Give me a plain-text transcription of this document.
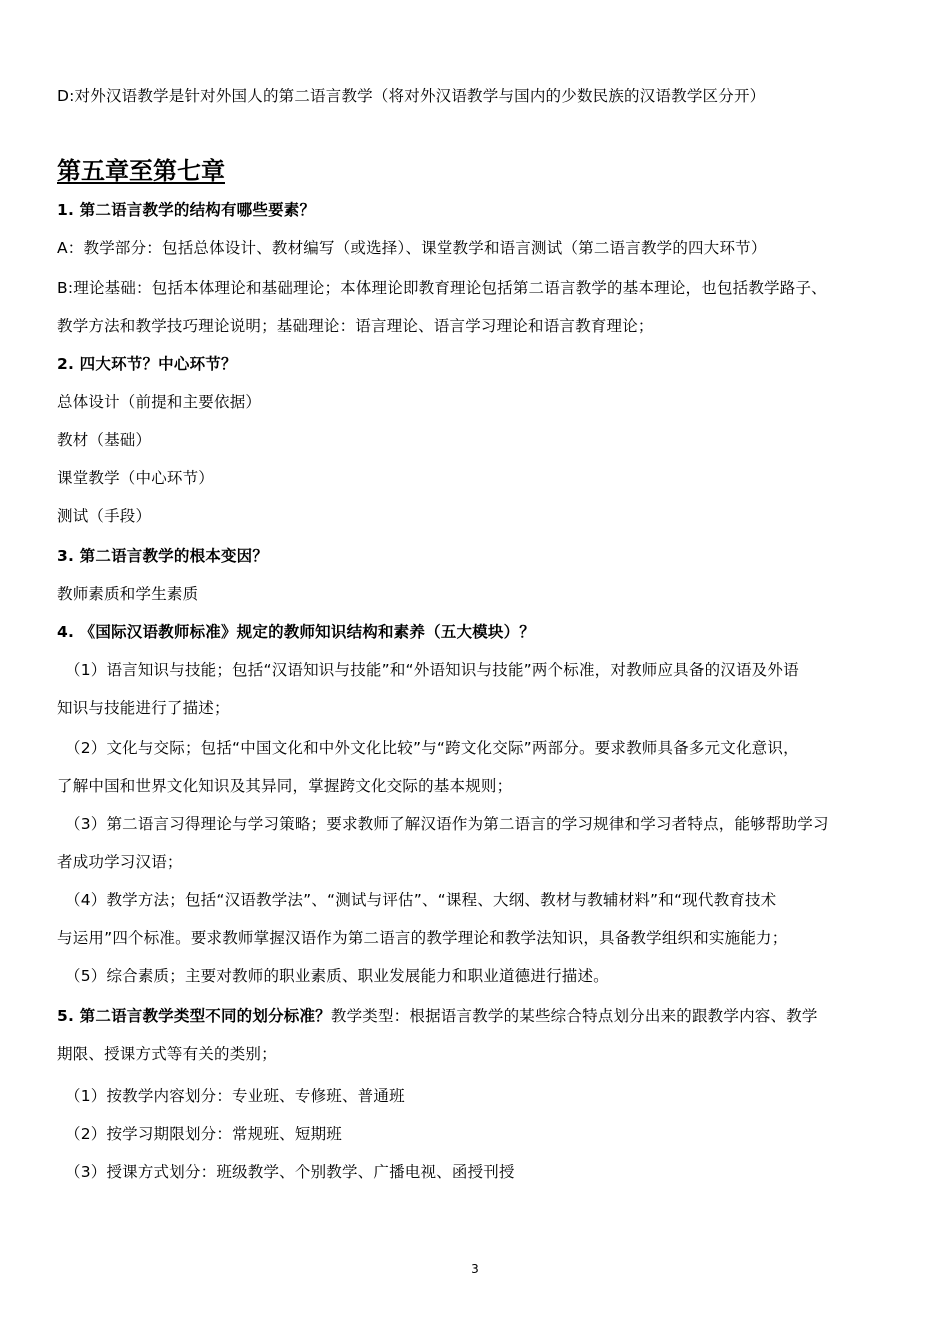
D:对外汉语教学是针对外国人的第二语言教学（将对外汉语教学与国内的少数民族的汉语教学区分开）
第五章至第七章
1. 第二语言教学的结构有哪些要素？
A：教学部分：包括总体设计、教材编写（或选择）、课堂教学和语言测试（第二语言教学的四大环节）
B:理论基础：包括本体理论和基础理论；本体理论即教育理论包括第二语言教学的基本理论，也包括教学路子、
教学方法和教学技巧理论说明；基础理论：语言理论、语言学习理论和语言教育理论；
2. 四大环节？中心环节？
总体设计（前提和主要依据）
教材（基础）
课堂教学（中心环节）
测试（手段）
3. 第二语言教学的根本变因？
教师素质和学生素质
4. 《国际汉语教师标准》规定的教师知识结构和素养（五大模块）？
（1）语言知识与技能；包括“汉语知识与技能”和“外语知识与技能”两个标准，对教师应具备的汉语及外语
知识与技能进行了描述；
（2）文化与交际；包括“中国文化和中外文化比较”与“跨文化交际”两部分。要求教师具备多元文化意识，
了解中国和世界文化知识及其异同，掌握跨文化交际的基本规则；
（3）第二语言习得理论与学习策略；要求教师了解汉语作为第二语言的学习规律和学习者特点，能够帮助学习
者成功学习汉语；
（4）教学方法；包括“汉语教学法”、“测试与评估”、“课程、大纲、教材与教辅材料”和“现代教育技术
与运用”四个标准。要求教师掌握汉语作为第二语言的教学理论和教学法知识，具备教学组织和实施能力；
（5）综合素质；主要对教师的职业素质、职业发展能力和职业道德进行描述。
5. 第二语言教学类型不同的划分标准？教学类型：根据语言教学的某些综合特点划分出来的跟教学内容、教学
期限、授课方式等有关的类别；
（1）按教学内容划分：专业班、专修班、普通班
（2）按学习期限划分：常规班、短期班
（3）授课方式划分：班级教学、个别教学、广播电视、函授刊授
3
